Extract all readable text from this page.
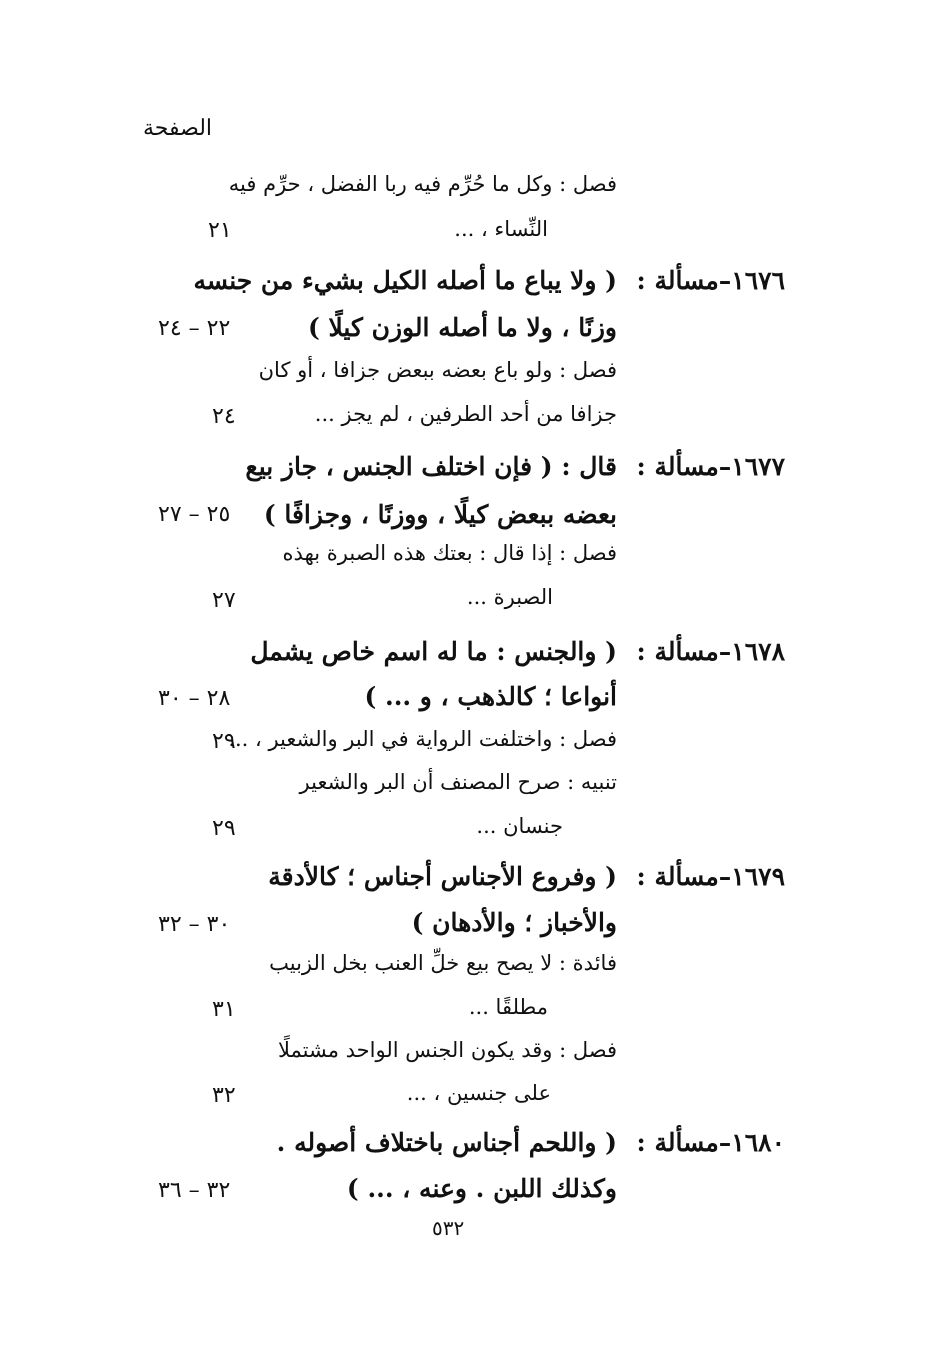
الصفحة
فصل : وكل ما حُرِّم فيه ربا الفضل ، حرِّم فيه
النِّساء ، ...
٢١
١٦٧٦–مسألة :
( ولا يباع ما أصله الكيل بشيء من جنسه
وزنًا ، ولا ما أصله الوزن كيلًا )
٢٢ – ٢٤
فصل : ولو باع بعضه ببعض جزافا ، أو كان
جزافا من أحد الطرفين ، لم يجز ...
٢٤
١٦٧٧–مسألة :
قال : ( فإن اختلف الجنس ، جاز بيع
بعضه ببعض كيلًا ، ووزنًا ، وجزافًا )
٢٥ – ٢٧
فصل : إذا قال : بعتك هذه الصبرة بهذه
الصبرة ...
٢٧
١٦٧٨–مسألة :
( والجنس : ما له اسم خاص يشمل
أنواعا ؛ كالذهب ، و ... )
٢٨ – ٣٠
فصل : واختلفت الرواية في البر والشعير ، ...
٢٩
تنبيه : صرح المصنف أن البر والشعير
جنسان ...
٢٩
١٦٧٩–مسألة :
( وفروع الأجناس أجناس ؛ كالأدقة
والأخباز ؛ والأدهان )
٣٠ – ٣٢
فائدة : لا يصح بيع خلِّ العنب بخل الزبيب
مطلقًا ...
٣١
فصل : وقد يكون الجنس الواحد مشتملًا
على جنسين ، ...
٣٢
١٦٨٠–مسألة :
( واللحم أجناس باختلاف أصوله .
وكذلك اللبن . وعنه ، ... )
٣٢ – ٣٦
٥٣٢
